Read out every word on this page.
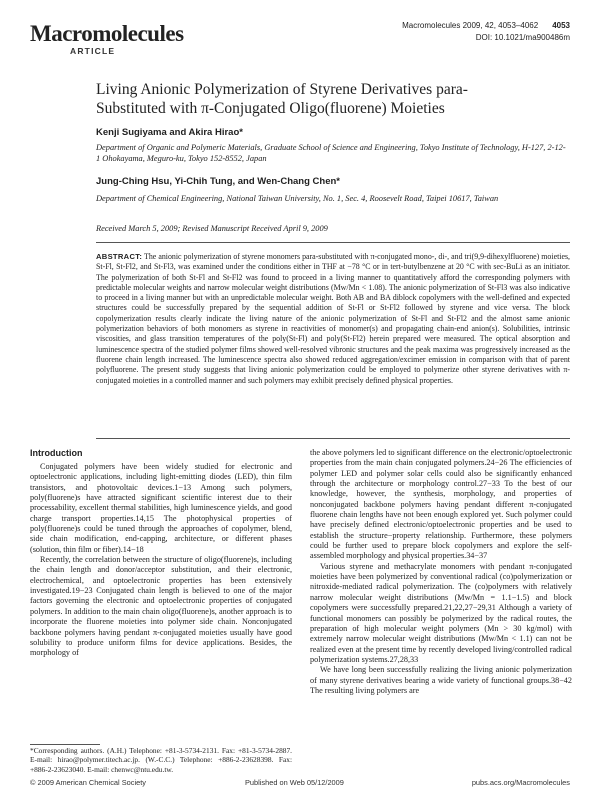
Macromolecules
ARTICLE
Macromolecules 2009, 42, 4053–4062 4053
DOI: 10.1021/ma900486m
Living Anionic Polymerization of Styrene Derivatives para-Substituted with π-Conjugated Oligo(fluorene) Moieties
Kenji Sugiyama and Akira Hirao*
Department of Organic and Polymeric Materials, Graduate School of Science and Engineering, Tokyo Institute of Technology, H-127, 2-12-1 Ohokayama, Meguro-ku, Tokyo 152-8552, Japan
Jung-Ching Hsu, Yi-Chih Tung, and Wen-Chang Chen*
Department of Chemical Engineering, National Taiwan University, No. 1, Sec. 4, Roosevelt Road, Taipei 10617, Taiwan
Received March 5, 2009; Revised Manuscript Received April 9, 2009
ABSTRACT: The anionic polymerization of styrene monomers para-substituted with π-conjugated mono-, di-, and tri(9,9-dihexylfluorene) moieties, St-Fl, St-Fl2, and St-Fl3, was examined under the conditions either in THF at −78 °C or in tert-butylbenzene at 20 °C with sec-BuLi as an initiator. The polymerization of both St-Fl and St-Fl2 was found to proceed in a living manner to quantitatively afford the corresponding polymers with predictable molecular weights and narrow molecular weight distributions (Mw/Mn < 1.08). The anionic polymerization of St-Fl3 was also indicative to proceed in a living manner but with an unpredictable molecular weight. Both AB and BA diblock copolymers with the well-defined and expected structures could be successfully prepared by the sequential addition of St-Fl or St-Fl2 followed by styrene and vice versa. The block copolymerization results clearly indicate the living nature of the anionic polymerization of St-Fl and St-Fl2 and the almost same anionic polymerization behaviors of both monomers as styrene in reactivities of monomer(s) and propagating chain-end anion(s). Solubilities, intrinsic viscosities, and glass transition temperatures of the poly(St-Fl) and poly(St-Fl2) herein prepared were measured. The optical absorption and luminescence spectra of the studied polymer films showed well-resolved vibronic structures and the peak maxima was progressively increased as the fluorene chain length increased. The luminescence spectra also showed reduced aggregation/excimer emission in comparison with that of parent polyfluorene. The present study suggests that living anionic polymerization could be employed to polymerize other styrene derivatives with π-conjugated moieties in a controlled manner and such polymers may exhibit precisely defined physical properties.
Introduction

Conjugated polymers have been widely studied for electronic and optoelectronic applications, including light-emitting diodes (LED), thin film transistors, and photovoltaic devices.1−13 Among such polymers, poly(fluorene)s have attracted significant scientific interest due to their processability, excellent thermal stabilities, high luminescence yields, and good charge transport properties.14,15 The photophysical properties of poly(fluorene)s could be tuned through the approaches of copolymer, blend, side chain modification, end-capping, architecture, or different phases (solution, thin film or fiber).14−18

Recently, the correlation between the structure of oligo(fluorene)s, including the chain length and donor/acceptor substitution, and their electronic, electrochemical, and optoelectronic properties has been extensively investigated.19−23 Conjugated chain length is believed to one of the major factors governing the electronic and optoelectronic properties of conjugated polymers. In addition to the main chain oligo(fluorene)s, another approach is to incorporate the fluorene moieties into polymer side chain. Nonconjugated backbone polymers having pendant π-conjugated moieties usually have good solubility to produce uniform films for device applications. Besides, the morphology of

the above polymers led to significant difference on the electronic/optoelectronic properties from the main chain conjugated polymers.24−26 The efficiencies of polymer LED and polymer solar cells could also be significantly enhanced through the architecture or morphology control.27−33 To the best of our knowledge, however, the synthesis, morphology, and properties of nonconjugated backbone polymers having pendant different π-conjugated fluorene chain lengths have not been enough explored yet. Such polymer could have precisely defined electronic/optoelectronic properties and be used to establish the structure−property relationship. Furthermore, these polymers could be further used to prepare block copolymers and explore the self-assembled morphology and physical properties.34−37

Various styrene and methacrylate monomers with pendant π-conjugated moieties have been polymerized by conventional radical (co)polymerization or nitroxide-mediated radical polymerization. The (co)polymers with relatively narrow molecular weight distributions (Mw/Mn = 1.1−1.5) and block copolymers were successfully prepared.21,22,27−29,31 Although a variety of functional monomers can possibly be polymerized by the radical routes, the preparation of high molecular weight polymers (Mn > 30 kg/mol) with extremely narrow molecular weight distributions (Mw/Mn < 1.1) can not be realized even at the present time by recently developed living/controlled radical polymerization systems.27,28,33

We have long been successfully realizing the living anionic polymerization of many styrene derivatives bearing a wide variety of functional groups.38−42 The resulting living polymers are

*Corresponding authors. (A.H.) Telephone: +81-3-5734-2131. Fax: +81-3-5734-2887. E-mail: hirao@polymer.titech.ac.jp. (W.-C.C.) Telephone: +886-2-23628398. Fax: +886-2-23623040. E-mail: chenwc@ntu.edu.tw.
© 2009 American Chemical Society	Published on Web 05/12/2009	pubs.acs.org/Macromolecules
